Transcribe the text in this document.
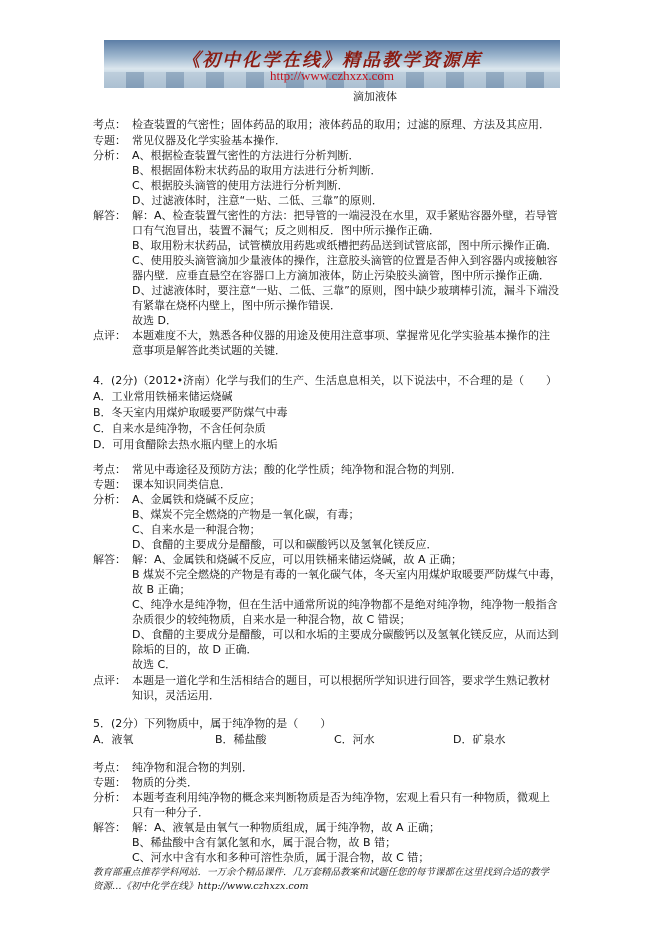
《初中化学在线》精品教学资源库
http://www.czhxzx.com
滴加液体
考点： 检查装置的气密性；固体药品的取用；液体药品的取用；过滤的原理、方法及其应用．
专题： 常见仪器及化学实验基本操作．
分析： A、根据检查装置气密性的方法进行分析判断．
B、根据固体粉末状药品的取用方法进行分析判断．
C、根据胶头滴管的使用方法进行分析判断．
D、过滤液体时，注意“一贴、二低、三靠”的原则．
解答： 解：A、检查装置气密性的方法：把导管的一端浸没在水里，双手紧贴容器外壁，若导管
口有气泡冒出，装置不漏气；反之则相反．图中所示操作正确．
B、取用粉末状药品，试管横放用药匙或纸槽把药品送到试管底部，图中所示操作正确．
C、使用胶头滴管滴加少量液体的操作，注意胶头滴管的位置是否伸入到容器内或接触容
器内壁．应垂直悬空在容器口上方滴加液体，防止污染胶头滴管，图中所示操作正确．
D、过滤液体时，要注意“一贴、二低、三靠”的原则，图中缺少玻璃棒引流，漏斗下端没
有紧靠在烧杯内壁上，图中所示操作错误．
故选 D．
点评： 本题难度不大，熟悉各种仪器的用途及使用注意事项、掌握常见化学实验基本操作的注
意事项是解答此类试题的关键．
4．(2分)（2012•济南）化学与我们的生产、生活息息相关，以下说法中，不合理的是（　　）
A．工业常用铁桶来储运烧碱
B．冬天室内用煤炉取暖要严防煤气中毒
C．自来水是纯净物，不含任何杂质
D．可用食醋除去热水瓶内壁上的水垢
考点： 常见中毒途径及预防方法；酸的化学性质；纯净物和混合物的判别．
专题： 课本知识同类信息．
分析： A、金属铁和烧碱不反应；
B、煤炭不完全燃烧的产物是一氧化碳，有毒；
C、自来水是一种混合物；
D、食醋的主要成分是醋酸，可以和碳酸钙以及氢氧化镁反应．
解答： 解：A、金属铁和烧碱不反应，可以用铁桶来储运烧碱，故 A 正确；
B 煤炭不完全燃烧的产物是有毒的一氧化碳气体，冬天室内用煤炉取暖要严防煤气中毒，
故 B 正确；
C、纯净水是纯净物，但在生活中通常所说的纯净物都不是绝对纯净物，纯净物一般指含
杂质很少的较纯物质，自来水是一种混合物，故 C 错误；
D、食醋的主要成分是醋酸，可以和水垢的主要成分碳酸钙以及氢氧化镁反应，从而达到
除垢的目的，故 D 正确．
故选 C．
点评： 本题是一道化学和生活相结合的题目，可以根据所学知识进行回答，要求学生熟记教材
知识，灵活运用．
5．(2分）下列物质中，属于纯净物的是（　　）
A．液氧	B．稀盐酸	C．河水	D．矿泉水
考点： 纯净物和混合物的判别．
专题： 物质的分类．
分析： 本题考查利用纯净物的概念来判断物质是否为纯净物，宏观上看只有一种物质，微观上
只有一种分子．
解答： 解：A、液氧是由氧气一种物质组成，属于纯净物，故 A 正确；
B、稀盐酸中含有氯化氢和水，属于混合物，故 B 错；
C、河水中含有水和多种可溶性杂质，属于混合物，故 C 错；
教育部重点推荐学科网站．一万余个精品课件．几万套精品教案和试题任您的每节课都在这里找到合适的教学
资源…《初中化学在线》http://www.czhxzx.com
